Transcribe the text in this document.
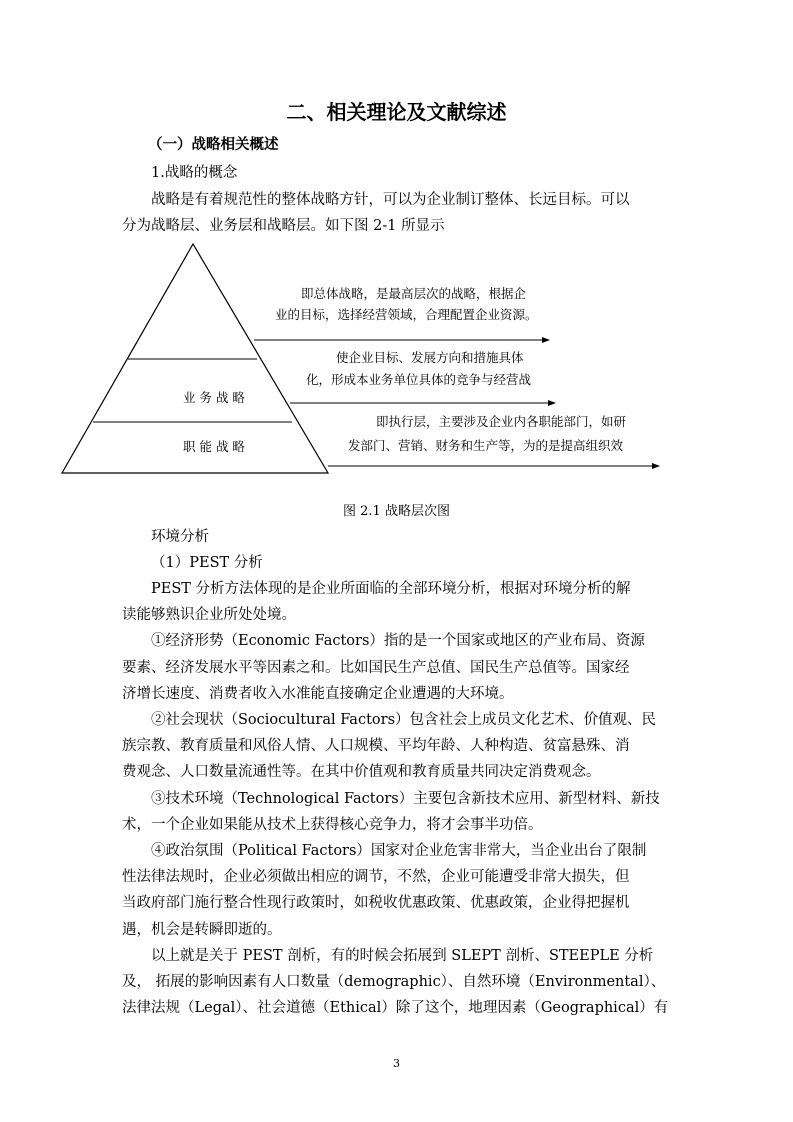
二、相关理论及文献综述
（一）战略相关概述
1.战略的概念
战略是有着规范性的整体战略方针，可以为企业制订整体、长远目标。可以
分为战略层、业务层和战略层。如下图 2-1 所显示
业 务 战 略
职 能 战 略
即总体战略，是最高层次的战略，根据企
业的目标，选择经营领域，合理配置企业资源。
使企业目标、发展方向和措施具体
化，形成本业务单位具体的竞争与经营战
即执行层，主要涉及企业内各职能部门，如研
发部门、营销、财务和生产等，为的是提高组织效
图 2.1 战略层次图
环境分析
（1）PEST 分析
PEST 分析方法体现的是企业所面临的全部环境分析，根据对环境分析的解
读能够熟识企业所处处境。
①经济形势（Economic Factors）指的是一个国家或地区的产业布局、资源
要素、经济发展水平等因素之和。比如国民生产总值、国民生产总值等。国家经
济增长速度、消费者收入水准能直接确定企业遭遇的大环境。
②社会现状（Sociocultural Factors）包含社会上成员文化艺术、价值观、民
族宗教、教育质量和风俗人情、人口规模、平均年龄、人种构造、贫富悬殊、消
费观念、人口数量流通性等。在其中价值观和教育质量共同决定消费观念。
③技术环境（Technological Factors）主要包含新技术应用、新型材料、新技
术，一个企业如果能从技术上获得核心竞争力，将才会事半功倍。
④政治氛围（Political Factors）国家对企业危害非常大，当企业出台了限制
性法律法规时，企业必须做出相应的调节，不然，企业可能遭受非常大损失，但
当政府部门施行整合性现行政策时，如税收优惠政策、优惠政策，企业得把握机
遇，机会是转瞬即逝的。
以上就是关于 PEST 剖析，有的时候会拓展到 SLEPT 剖析、STEEPLE 分析
及， 拓展的影响因素有人口数量（demographic）、自然环境（Environmental）、
法律法规（Legal）、社会道德（Ethical）除了这个，地理因素（Geographical）有
3
